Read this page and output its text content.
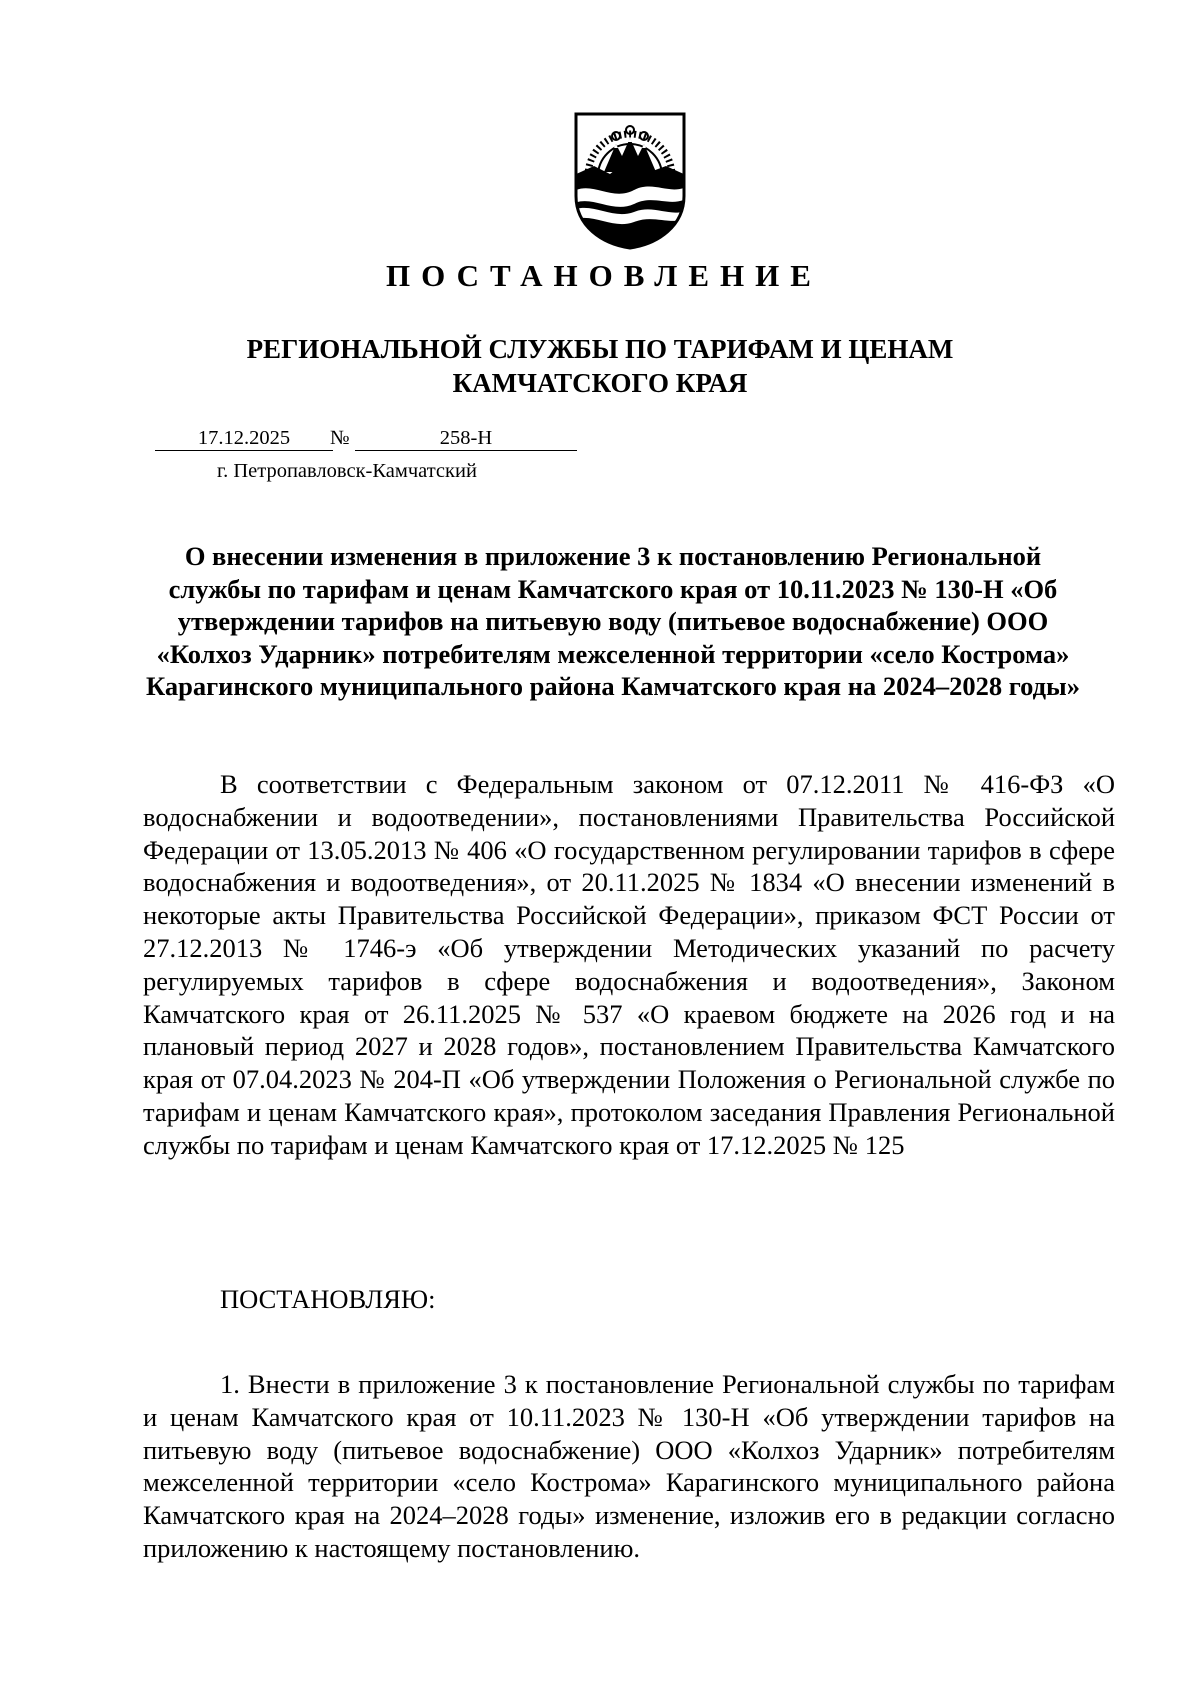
ПОСТАНОВЛЕНИЕ
РЕГИОНАЛЬНОЙ СЛУЖБЫ ПО ТАРИФАМ И ЦЕНАМ
КАМЧАТСКОГО КРАЯ
17.12.2025	№	258-Н
г. Петропавловск-Камчатский
О внесении изменения в приложение 3 к постановлению Региональной службы по тарифам и ценам Камчатского края от 10.11.2023 № 130-Н «Об утверждении тарифов на питьевую воду (питьевое водоснабжение) ООО «Колхоз Ударник» потребителям межселенной территории «село Кострома» Карагинского муниципального района Камчатского края на 2024–2028 годы»
В соответствии с Федеральным законом от 07.12.2011 № 416-ФЗ «О водоснабжении и водоотведении», постановлениями Правительства Российской Федерации от 13.05.2013 № 406 «О государственном регулировании тарифов в сфере водоснабжения и водоотведения», от 20.11.2025 № 1834 «О внесении изменений в некоторые акты Правительства Российской Федерации», приказом ФСТ России от 27.12.2013 № 1746-э «Об утверждении Методических указаний по расчету регулируемых тарифов в сфере водоснабжения и водоотведения», Законом Камчатского края от 26.11.2025 № 537 «О краевом бюджете на 2026 год и на плановый период 2027 и 2028 годов», постановлением Правительства Камчатского края от 07.04.2023 № 204-П «Об утверждении Положения о Региональной службе по тарифам и ценам Камчатского края», протоколом заседания Правления Региональной службы по тарифам и ценам Камчатского края от 17.12.2025 № 125
ПОСТАНОВЛЯЮ:
1. Внести в приложение 3 к постановление Региональной службы по тарифам и ценам Камчатского края от 10.11.2023 № 130-Н «Об утверждении тарифов на питьевую воду (питьевое водоснабжение) ООО «Колхоз Ударник» потребителям межселенной территории «село Кострома» Карагинского муниципального района Камчатского края на 2024–2028 годы» изменение, изложив его в редакции согласно приложению к настоящему постановлению.
